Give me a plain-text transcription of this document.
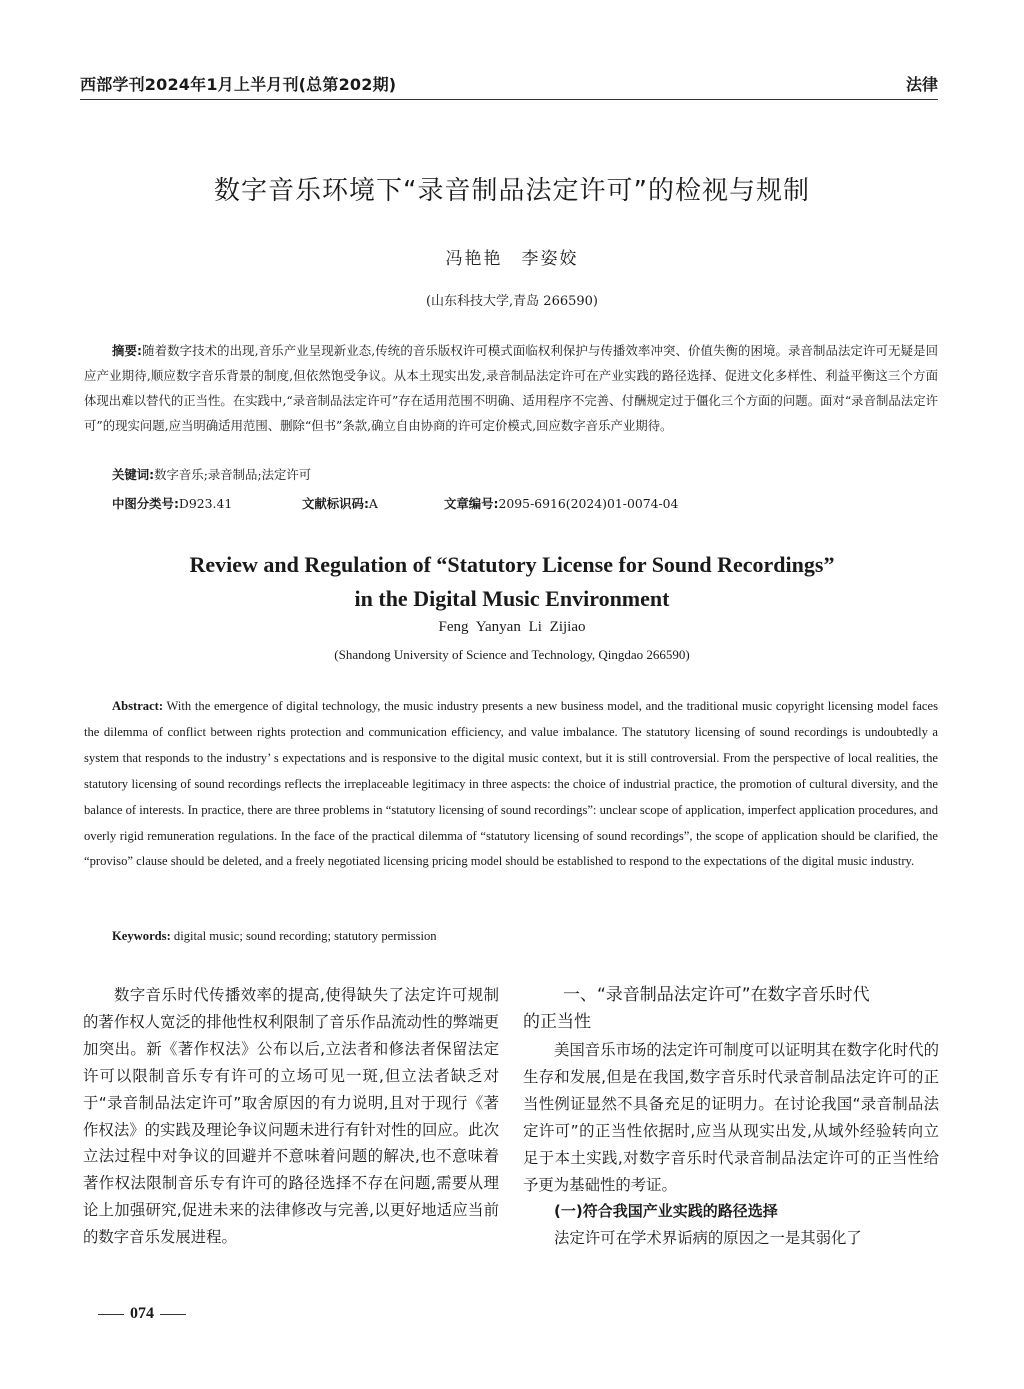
西部学刊2024年1月上半月刊(总第202期)	法律
数字音乐环境下“录音制品法定许可”的检视与规制
冯艳艳　李姿姣
(山东科技大学,青岛 266590)
摘要:随着数字技术的出现,音乐产业呈现新业态,传统的音乐版权许可模式面临权利保护与传播效率冲突、价值失衡的困境。录音制品法定许可无疑是回应产业期待,顺应数字音乐背景的制度,但依然饱受争议。从本土现实出发,录音制品法定许可在产业实践的路径选择、促进文化多样性、利益平衡这三个方面体现出难以替代的正当性。在实践中,“录音制品法定许可”存在适用范围不明确、适用程序不完善、付酬规定过于僵化三个方面的问题。面对“录音制品法定许可”的现实问题,应当明确适用范围、删除“但书”条款,确立自由协商的许可定价模式,回应数字音乐产业期待。
关键词:数字音乐;录音制品;法定许可
中图分类号:D923.41	文献标识码:A	文章编号:2095-6916(2024)01-0074-04
Review and Regulation of “Statutory License for Sound Recordings”
in the Digital Music Environment
Feng Yanyan Li Zijiao
(Shandong University of Science and Technology, Qingdao 266590)
Abstract: With the emergence of digital technology, the music industry presents a new business model, and the traditional music copyright licensing model faces the dilemma of conflict between rights protection and communication efficiency, and value imbalance. The statutory licensing of sound recordings is undoubtedly a system that responds to the industry’ s expectations and is responsive to the digital music context, but it is still controversial. From the perspective of local realities, the statutory licensing of sound recordings reflects the irreplaceable legitimacy in three aspects: the choice of industrial practice, the promotion of cultural diversity, and the balance of interests. In practice, there are three problems in “statutory licensing of sound recordings”: unclear scope of application, imperfect application procedures, and overly rigid remuneration regulations. In the face of the practical dilemma of “statutory licensing of sound recordings”, the scope of application should be clarified, the “proviso” clause should be deleted, and a freely negotiated licensing pricing model should be established to respond to the expectations of the digital music industry.
Keywords: digital music; sound recording; statutory permission

数字音乐时代传播效率的提高,使得缺失了法定许可规制的著作权人宽泛的排他性权利限制了音乐作品流动性的弊端更加突出。新《著作权法》公布以后,立法者和修法者保留法定许可以限制音乐专有许可的立场可见一斑,但立法者缺乏对于“录音制品法定许可”取舍原因的有力说明,且对于现行《著作权法》的实践及理论争议问题未进行有针对性的回应。此次立法过程中对争议的回避并不意味着问题的解决,也不意味着著作权法限制音乐专有许可的路径选择不存在问题,需要从理论上加强研究,促进未来的法律修改与完善,以更好地适应当前的数字音乐发展进程。

一、“录音制品法定许可”在数字音乐时代
的正当性

美国音乐市场的法定许可制度可以证明其在数字化时代的生存和发展,但是在我国,数字音乐时代录音制品法定许可的正当性例证显然不具备充足的证明力。在讨论我国“录音制品法定许可”的正当性依据时,应当从现实出发,从域外经验转向立足于本土实践,对数字音乐时代录音制品法定许可的正当性给予更为基础性的考证。

(一)符合我国产业实践的路径选择

法定许可在学术界诟病的原因之一是其弱化了

074
